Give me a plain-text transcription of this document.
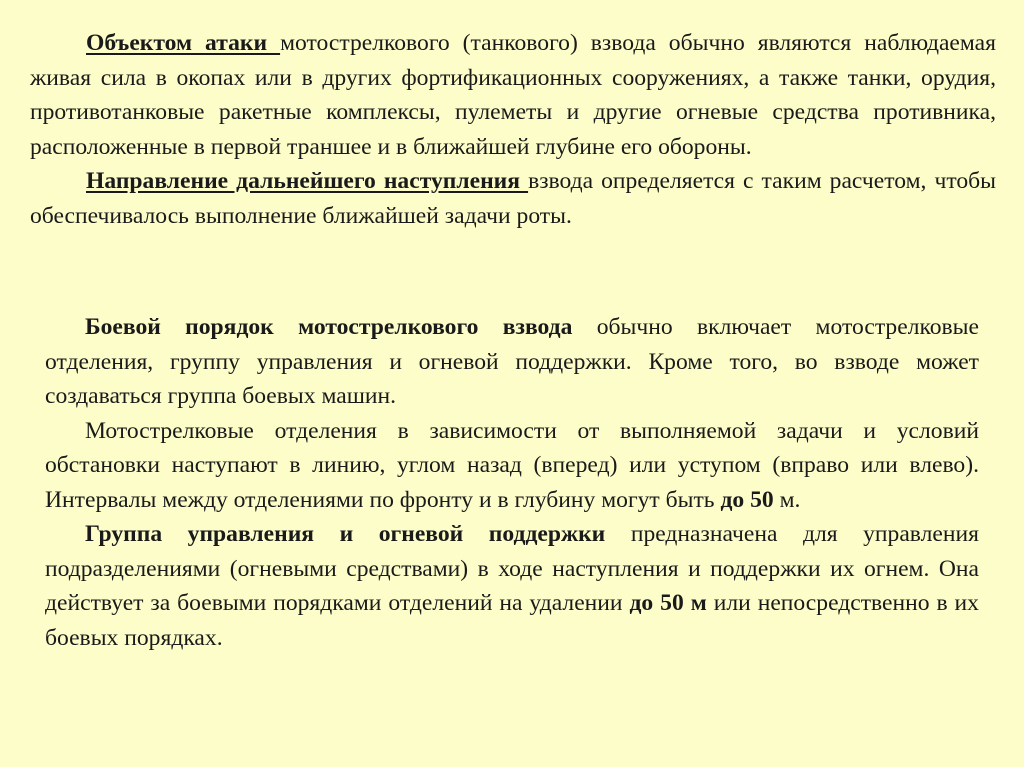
Объектом атаки мотострелкового (танкового) взвода обычно являются наблюдаемая живая сила в окопах или в других фортификационных сооружениях, а также танки, орудия, противотанковые ракетные комплексы, пулеметы и другие огневые средства противника, расположенные в первой траншее и в ближайшей глубине его обороны.

Направление дальнейшего наступления взвода определяется с таким расчетом, чтобы обеспечивалось выполнение ближайшей задачи роты.

Боевой порядок мотострелкового взвода обычно включает мотострелковые отделения, группу управления и огневой поддержки. Кроме того, во взводе может создаваться группа боевых машин.

Мотострелковые отделения в зависимости от выполняемой задачи и условий обстановки наступают в линию, углом назад (вперед) или уступом (вправо или влево). Интервалы между отделениями по фронту и в глубину могут быть до 50 м.

Группа управления и огневой поддержки предназначена для управления подразделениями (огневыми средствами) в ходе наступления и поддержки их огнем. Она действует за боевыми порядками отделений на удалении до 50 м или непосредственно в их боевых порядках.
